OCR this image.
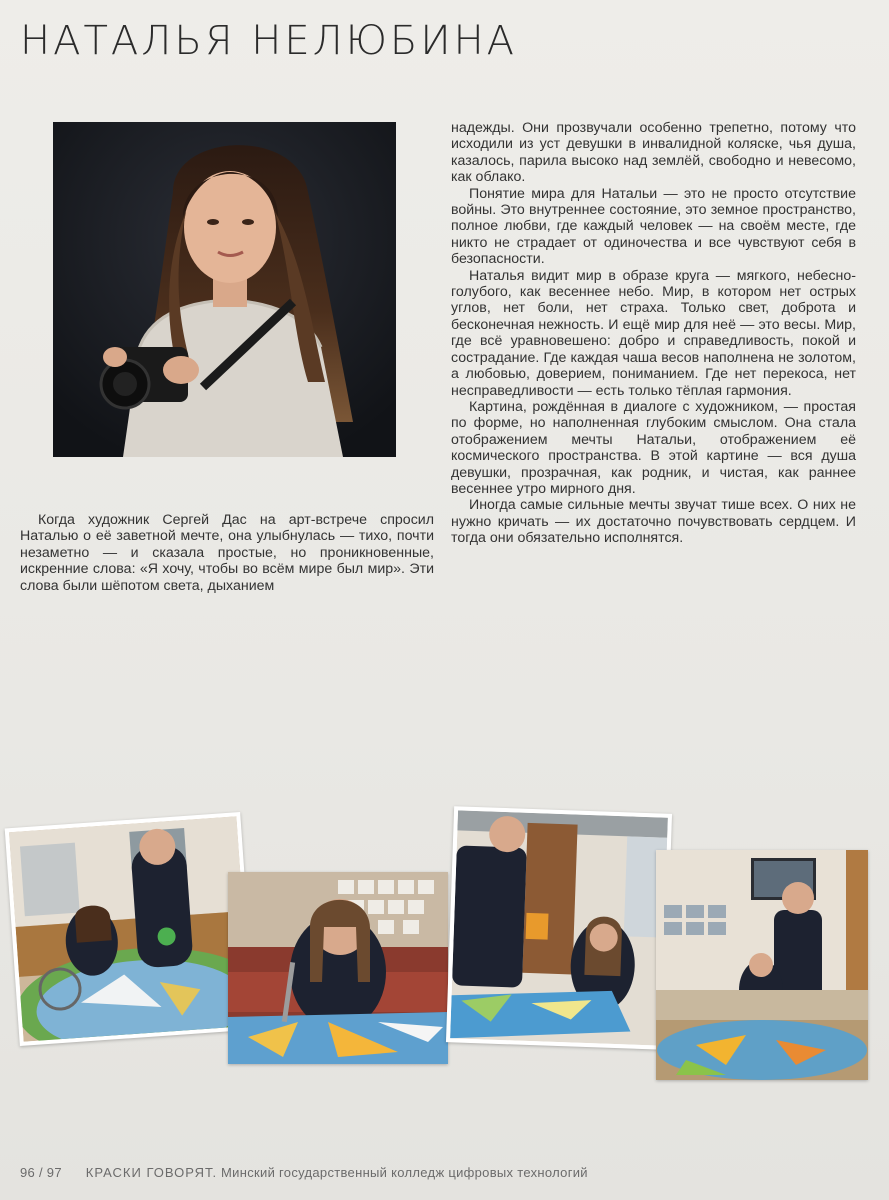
НАТАЛЬЯ НЕЛЮБИНА

Когда художник Сергей Дас на арт-встрече спросил Наталью о её заветной мечте, она улыбнулась — тихо, почти незаметно — и сказала простые, но проникновенные, искренние слова: «Я хочу, чтобы во всём мире был мир». Эти слова были шёпотом света, дыханием

надежды. Они прозвучали особенно трепетно, потому что исходили из уст девушки в инвалидной коляске, чья душа, казалось, парила высоко над землёй, свободно и невесомо, как облако.

Понятие мира для Натальи — это не просто отсутствие войны. Это внутреннее состояние, это земное пространство, полное любви, где каждый человек — на своём месте, где никто не страдает от одиночества и все чувствуют себя в безопасности.

Наталья видит мир в образе круга — мягкого, небесно-голубого, как весеннее небо. Мир, в котором нет острых углов, нет боли, нет страха. Только свет, доброта и бесконечная нежность. И ещё мир для неё — это весы. Мир, где всё уравновешено: добро и справедливость, покой и сострадание. Где каждая чаша весов наполнена не золотом, а любовью, доверием, пониманием. Где нет перекоса, нет несправедливости — есть только тёплая гармония.

Картина, рождённая в диалоге с художником, — простая по форме, но наполненная глубоким смыслом. Она стала отображением мечты Натальи, отображением её космического пространства. В этой картине — вся душа девушки, прозрачная, как родник, и чистая, как раннее весеннее утро мирного дня.

Иногда самые сильные мечты звучат тише всех. О них не нужно кричать — их достаточно почувствовать сердцем. И тогда они обязательно исполнятся.

96 / 97 КРАСКИ ГОВОРЯТ. Минский государственный колледж цифровых технологий
